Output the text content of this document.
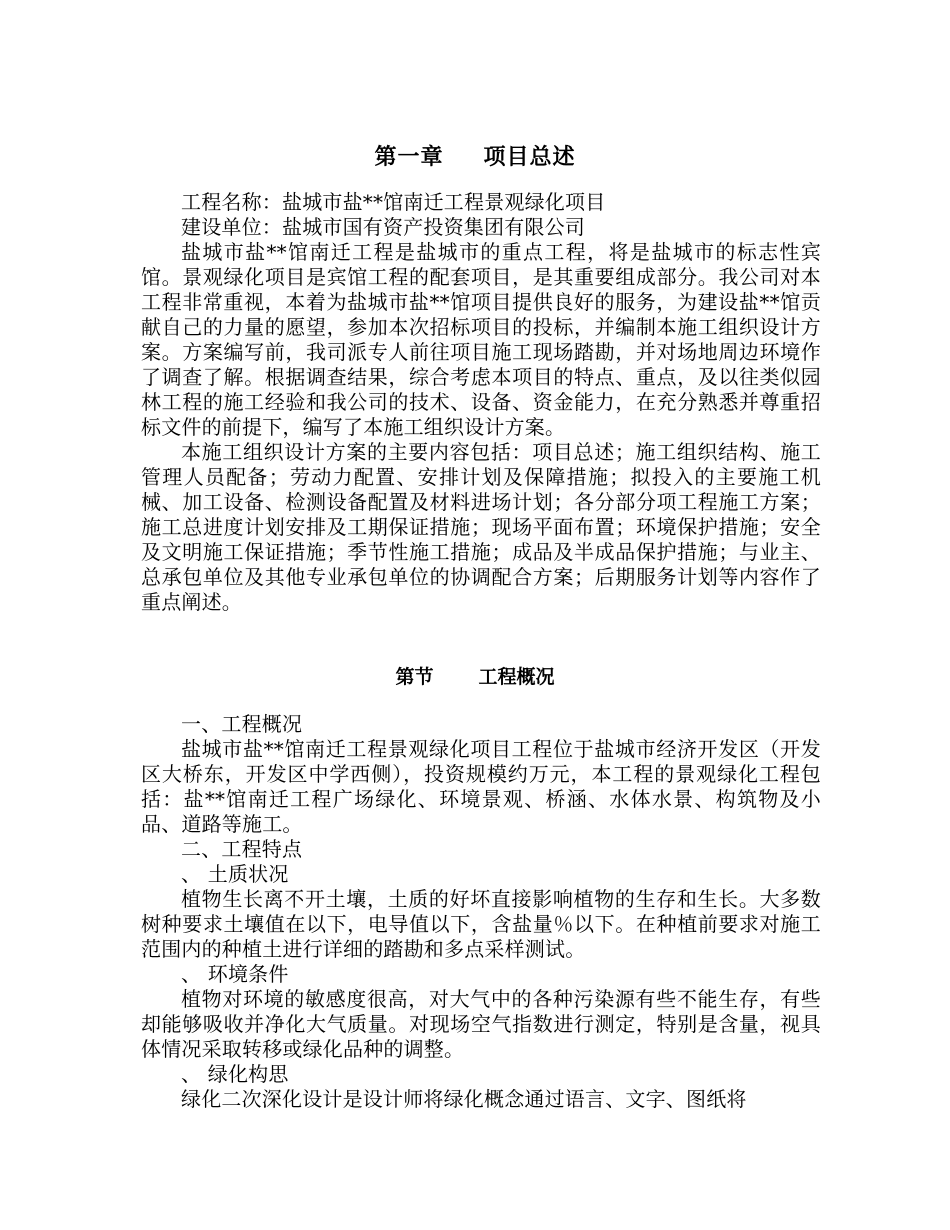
第一章 项目总述

工程名称：盐城市盐**馆南迁工程景观绿化项目

建设单位：盐城市国有资产投资集团有限公司

盐城市盐**馆南迁工程是盐城市的重点工程，将是盐城市的标志性宾馆。景观绿化项目是宾馆工程的配套项目，是其重要组成部分。我公司对本工程非常重视，本着为盐城市盐**馆项目提供良好的服务，为建设盐**馆贡献自己的力量的愿望，参加本次招标项目的投标，并编制本施工组织设计方案。方案编写前，我司派专人前往项目施工现场踏勘，并对场地周边环境作了调查了解。根据调查结果，综合考虑本项目的特点、重点，及以往类似园林工程的施工经验和我公司的技术、设备、资金能力，在充分熟悉并尊重招标文件的前提下，编写了本施工组织设计方案。

本施工组织设计方案的主要内容包括：项目总述；施工组织结构、施工管理人员配备；劳动力配置、安排计划及保障措施；拟投入的主要施工机械、加工设备、检测设备配置及材料进场计划；各分部分项工程施工方案；施工总进度计划安排及工期保证措施；现场平面布置；环境保护措施；安全及文明施工保证措施；季节性施工措施；成品及半成品保护措施；与业主、总承包单位及其他专业承包单位的协调配合方案；后期服务计划等内容作了重点阐述。

第节 工程概况

一、工程概况

盐城市盐**馆南迁工程景观绿化项目工程位于盐城市经济开发区（开发区大桥东，开发区中学西侧），投资规模约万元，本工程的景观绿化工程包括：盐**馆南迁工程广场绿化、环境景观、桥涵、水体水景、构筑物及小品、道路等施工。

二、工程特点

、 土质状况

植物生长离不开土壤，土质的好坏直接影响植物的生存和生长。大多数树种要求土壤值在以下，电导值以下，含盐量％以下。在种植前要求对施工范围内的种植土进行详细的踏勘和多点采样测试。

、 环境条件

植物对环境的敏感度很高，对大气中的各种污染源有些不能生存，有些却能够吸收并净化大气质量。对现场空气指数进行测定，特别是含量，视具体情况采取转移或绿化品种的调整。

、 绿化构思

绿化二次深化设计是设计师将绿化概念通过语言、文字、图纸将
